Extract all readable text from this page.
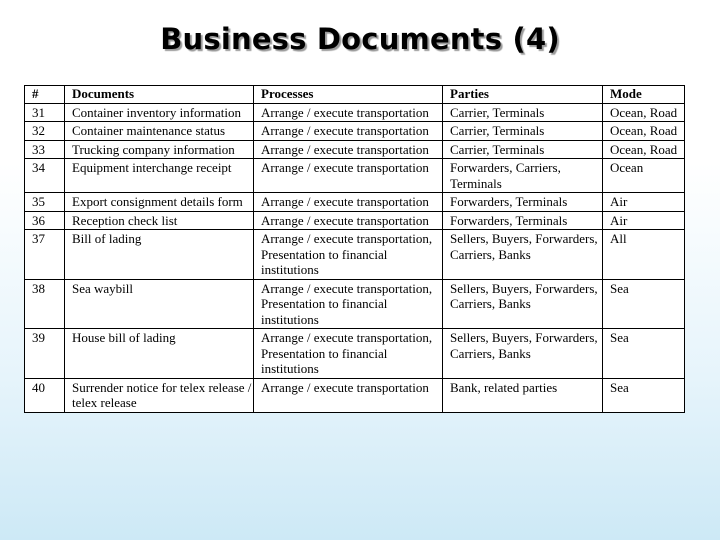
Business Documents (4)
#	Documents	Processes	Parties	Mode
31	Container inventory information	Arrange / execute transportation	Carrier, Terminals	Ocean, Road
32	Container maintenance status	Arrange / execute transportation	Carrier, Terminals	Ocean, Road
33	Trucking company information	Arrange / execute transportation	Carrier, Terminals	Ocean, Road
34	Equipment interchange receipt	Arrange / execute transportation	Forwarders, Carriers, Terminals	Ocean
35	Export consignment details form	Arrange / execute transportation	Forwarders, Terminals	Air
36	Reception check list	Arrange / execute transportation	Forwarders, Terminals	Air
37	Bill of lading	Arrange / execute transportation, Presentation to financial institutions	Sellers, Buyers, Forwarders, Carriers, Banks	All
38	Sea waybill	Arrange / execute transportation, Presentation to financial institutions	Sellers, Buyers, Forwarders, Carriers, Banks	Sea
39	House bill of lading	Arrange / execute transportation, Presentation to financial institutions	Sellers, Buyers, Forwarders, Carriers, Banks	Sea
40	Surrender notice for telex release / telex release	Arrange / execute transportation	Bank, related parties	Sea
